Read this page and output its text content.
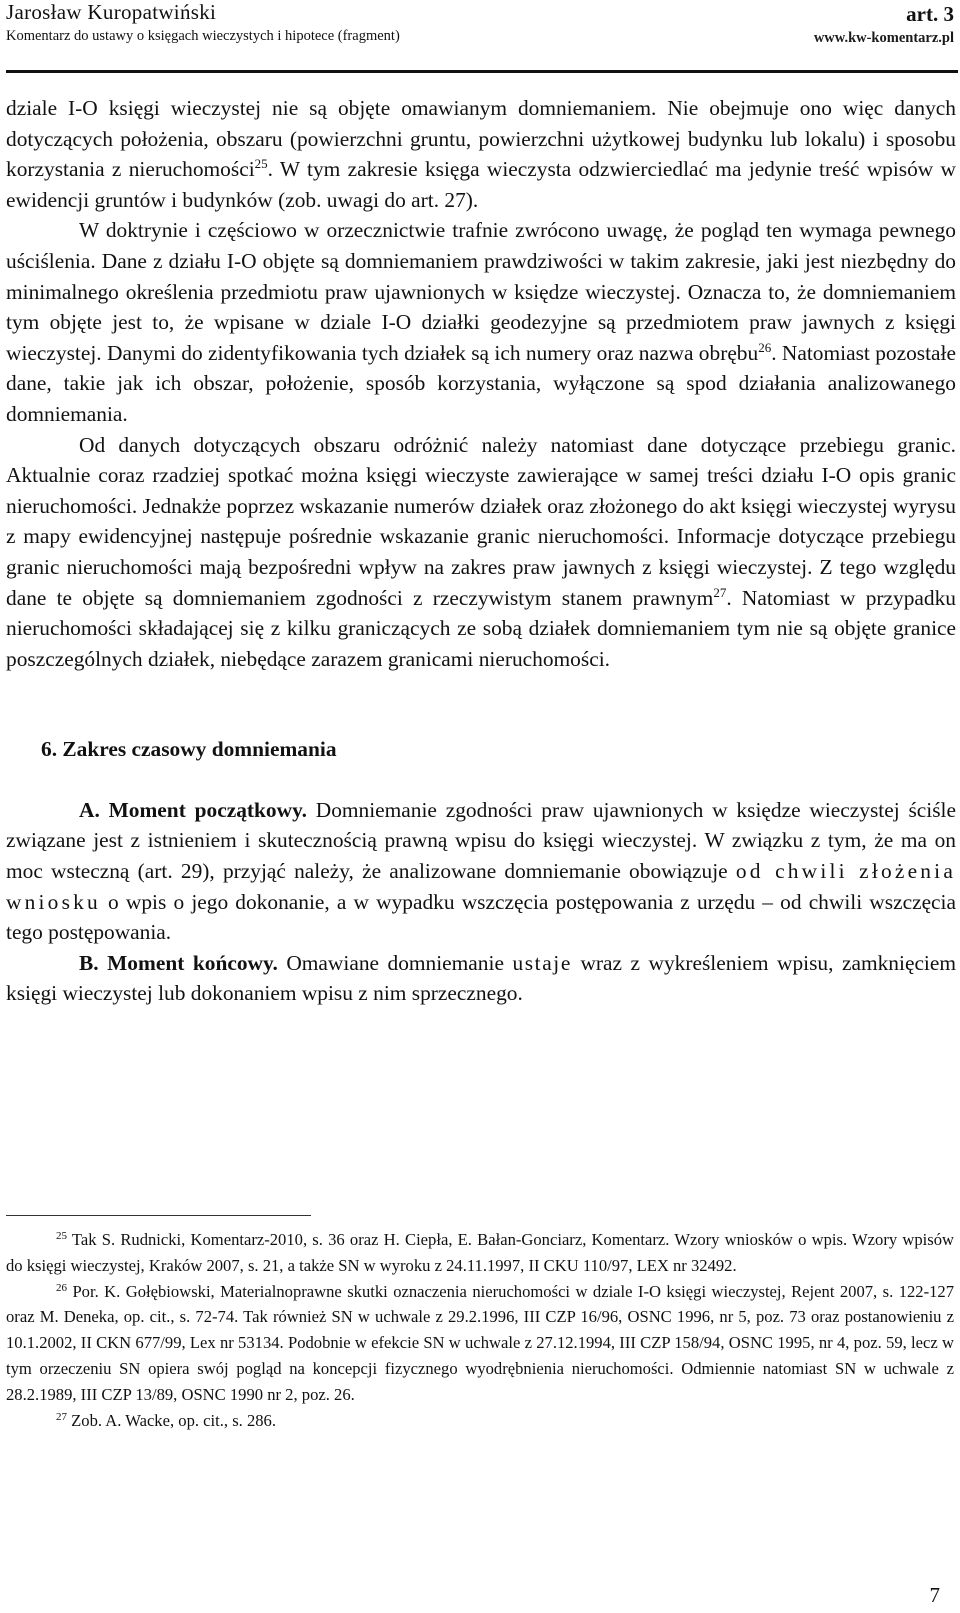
Jarosław Kuropatwiński
Komentarz do ustawy o księgach wieczystych i hipotece (fragment)
art. 3
www.kw-komentarz.pl

dziale I-O księgi wieczystej nie są objęte omawianym domniemaniem. Nie obejmuje ono więc danych dotyczących położenia, obszaru (powierzchni gruntu, powierzchni użytkowej budynku lub lokalu) i sposobu korzystania z nieruchomości$^{25}$. W tym zakresie księga wieczysta odzwierciedlać ma jedynie treść wpisów w ewidencji gruntów i budynków (zob. uwagi do art. 27).

W doktrynie i częściowo w orzecznictwie trafnie zwrócono uwagę, że pogląd ten wymaga pewnego uściślenia. Dane z działu I-O objęte są domniemaniem prawdziwości w takim zakresie, jaki jest niezbędny do minimalnego określenia przedmiotu praw ujawnionych w księdze wieczystej. Oznacza to, że domniemaniem tym objęte jest to, że wpisane w dziale I-O działki geodezyjne są przedmiotem praw jawnych z księgi wieczystej. Danymi do zidentyfikowania tych działek są ich numery oraz nazwa obrębu$^{26}$. Natomiast pozostałe dane, takie jak ich obszar, położenie, sposób korzystania, wyłączone są spod działania analizowanego domniemania.

Od danych dotyczących obszaru odróżnić należy natomiast dane dotyczące przebiegu granic. Aktualnie coraz rzadziej spotkać można księgi wieczyste zawierające w samej treści działu I-O opis granic nieruchomości. Jednakże poprzez wskazanie numerów działek oraz złożonego do akt księgi wieczystej wyrysu z mapy ewidencyjnej następuje pośrednie wskazanie granic nieruchomości. Informacje dotyczące przebiegu granic nieruchomości mają bezpośredni wpływ na zakres praw jawnych z księgi wieczystej. Z tego względu dane te objęte są domniemaniem zgodności z rzeczywistym stanem prawnym$^{27}$. Natomiast w przypadku nieruchomości składającej się z kilku graniczących ze sobą działek domniemaniem tym nie są objęte granice poszczególnych działek, niebędące zarazem granicami nieruchomości.

6. Zakres czasowy domniemania

A. Moment początkowy. Domniemanie zgodności praw ujawnionych w księdze wieczystej ściśle związane jest z istnieniem i skutecznością prawną wpisu do księgi wieczystej. W związku z tym, że ma on moc wsteczną (art. 29), przyjąć należy, że analizowane domniemanie obowiązuje od chwili złożenia wniosku o wpis o jego dokonanie, a w wypadku wszczęcia postępowania z urzędu – od chwili wszczęcia tego postępowania.

B. Moment końcowy. Omawiane domniemanie ustaje wraz z wykreśleniem wpisu, zamknięciem księgi wieczystej lub dokonaniem wpisu z nim sprzecznego.

$^{25}$ Tak S. Rudnicki, Komentarz-2010, s. 36 oraz H. Ciepła, E. Bałan-Gonciarz, Komentarz. Wzory wniosków o wpis. Wzory wpisów do księgi wieczystej, Kraków 2007, s. 21, a także SN w wyroku z 24.11.1997, II CKU 110/97, LEX nr 32492.

$^{26}$ Por. K. Gołębiowski, Materialnoprawne skutki oznaczenia nieruchomości w dziale I-O księgi wieczystej, Rejent 2007, s. 122-127 oraz M. Deneka, op. cit., s. 72-74. Tak również SN w uchwale z 29.2.1996, III CZP 16/96, OSNC 1996, nr 5, poz. 73 oraz postanowieniu z 10.1.2002, II CKN 677/99, Lex nr 53134. Podobnie w efekcie SN w uchwale z 27.12.1994, III CZP 158/94, OSNC 1995, nr 4, poz. 59, lecz w tym orzeczeniu SN opiera swój pogląd na koncepcji fizycznego wyodrębnienia nieruchomości. Odmiennie natomiast SN w uchwale z 28.2.1989, III CZP 13/89, OSNC 1990 nr 2, poz. 26.

$^{27}$ Zob. A. Wacke, op. cit., s. 286.

7
